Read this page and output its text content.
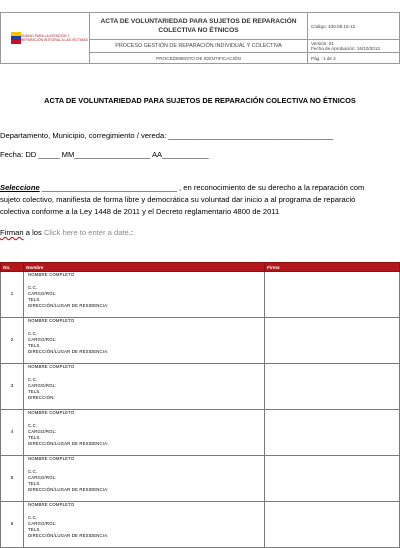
UNIDAD PARA LA ATENCIÓN Y REPARACIÓN INTEGRAL A LAS VÍCTIMAS	ACTA DE VOLUNTARIEDAD PARA SUJETOS DE REPARACIÓN COLECTIVA NO ÉTNICOS	Código: 430.08.15-12
	PROCESO GESTIÓN DE REPARACIÓN INDIVIDUAL Y COLECTIVA	Versión: 01
Fecha de Aprobación: 16/10/2013

	PROCEDIMIENTO DE IDENTIFICACIÓN	Pág.: 1 de 2
ACTA DE VOLUNTARIEDAD PARA SUJETOS DE REPARACIÓN COLECTIVA NO ÉTNICOS
Departamento, Municipio, corregimiento / vereda: _______________________________________
Fecha: DD _____ MM__________________ AA___________
Seleccione ________________________________ , en reconocimiento de su derecho a la reparación com
sujeto colectivo, manifiesta de forma libre y democrática su voluntad dar inicio a al programa de reparació
colectiva conforme a la Ley 1448 de 2011 y el Decreto reglamentario 4800 de 2011
Firman a los Click here to enter a date.:
No.	Nombre	Firma
1	NOMBRE COMPLETO
C.C.
CARGO/ROL:
TELS.
DIRECCIÓN/LUGAR DE RESIDENCIA:	

2	NOMBRE COMPLETO
C.C.
CARGO/ROL:
TELS.
DIRECCIÓN/LUGAR DE RESIDENCIA:	

3	NOMBRE COMPLETO
C.C.
CARGO/ROL:
TELS.
DIRECCIÓN:	

4	NOMBRE COMPLETO
C.C.
CARGO/ROL:
TELS.
DIRECCIÓN/LUGAR DE RESIDENCIA:	

5	NOMBRE COMPLETO
C.C.
CARGO/ROL:
TELS.
DIRECCIÓN/LUGAR DE RESIDENCIA:	

6	NOMBRE COMPLETO
C.C.
CARGO/ROL:
TELS.
DIRECCIÓN/LUGAR DE RESIDENCIA:	
